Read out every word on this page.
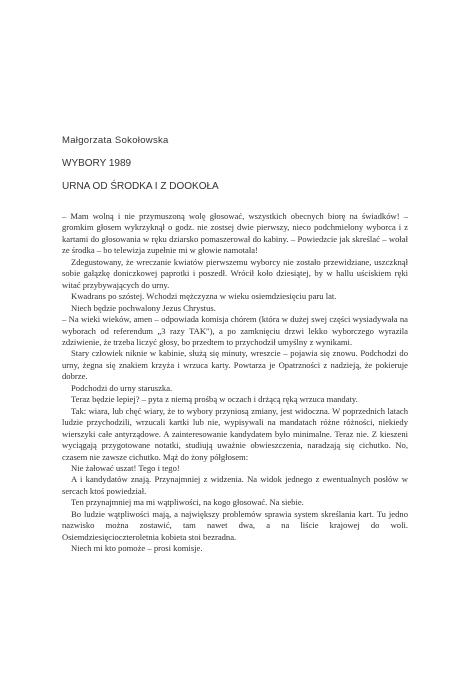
Małgorzata Sokołowska
WYBORY 1989
URNA OD ŚRODKA I Z DOOKOŁA

– Mam wolną i nie przymuszoną wolę głosować, wszystkich obecnych biorę na świadków! – gromkim głosem wykrzyknął o godz. nie zostsej dwie pierwszy, nieco podchmielony wyborca i z kartami do głosowania w ręku dziarsko pomaszerował do kabiny. – Powiedzcie jak skreślać – wołał ze środka – bo telewizja zupełnie mi w głowie namotała!

Zdegustowany, że wreczanie kwiatów pierwszemu wyborcy nie zostało przewidziane, uszczknął sobie gałązkę doniczkowej paprotki i poszedł. Wrócił koło dziesiątej, by w hallu uściskiem ręki witać przybywających do urny.

Kwadrans po szóstej. Wchodzi mężczyzna w wieku osiemdziesięciu paru lat.

Niech będzie pochwalony Jezus Chrystus.

– Na wieki wieków, amen – odpowiada komisja chórem (która w dużej swej części wysiadywała na wyborach od referendum „3 razy TAK"), a po zamknięciu drzwi lekko wyborczego wyrazila zdziwienie, że trzeba liczyć głosy, bo przedtem to przychodził umyślny z wynikami.

Stary człowiek niknie w kabinie, służą się minuty, wreszcie – pojawia się znowu. Podchodzi do urny, żegna się znakiem krzyża i wrzuca karty. Powtarza je Opatrzności z nadzieją, że pokieruje dobrze.

Podchodzi do urny staruszka.

Teraz będzie lepiej? – pyta z niemą prośbą w oczach i drżącą ręką wrzuca mandaty.

Tak: wiara, lub chęć wiary, że to wybory przyniosą zmiany, jest widoczna. W poprzednich latach ludzie przychodzili, wrzucali kartki lub nie, wypisywali na mandatach różne różności, niekiedy wierszyki całe antyrządowe. A zainteresowanie kandydatem było minimalne. Teraz nie. Z kieszeni wyciągają przygotowane notatki, studiują uważnie obwieszczenia, naradzają się cichutko. No, czasem nie zawsze cichutko. Mąż do żony półgłosem:

Nie żałować uszat! Tego i tego!

A i kandydatów znają. Przynajmniej z widzenia. Na widok jednego z ewentualnych posłów w sercach ktoś powiedział.

Ten przynajmniej ma mi wątpliwości, na kogo głosować. Na siebie.

Bo ludzie wątpliwości mają, a największy problemów sprawia system skreślania kart. Tu jedno nazwisko można zostawić, tam nawet dwa, a na liście krajowej do woli. Osiemdziesięcioczteroletnia kobieta stoi bezradna.

Niech mi kto pomoże – prosi komisje.
